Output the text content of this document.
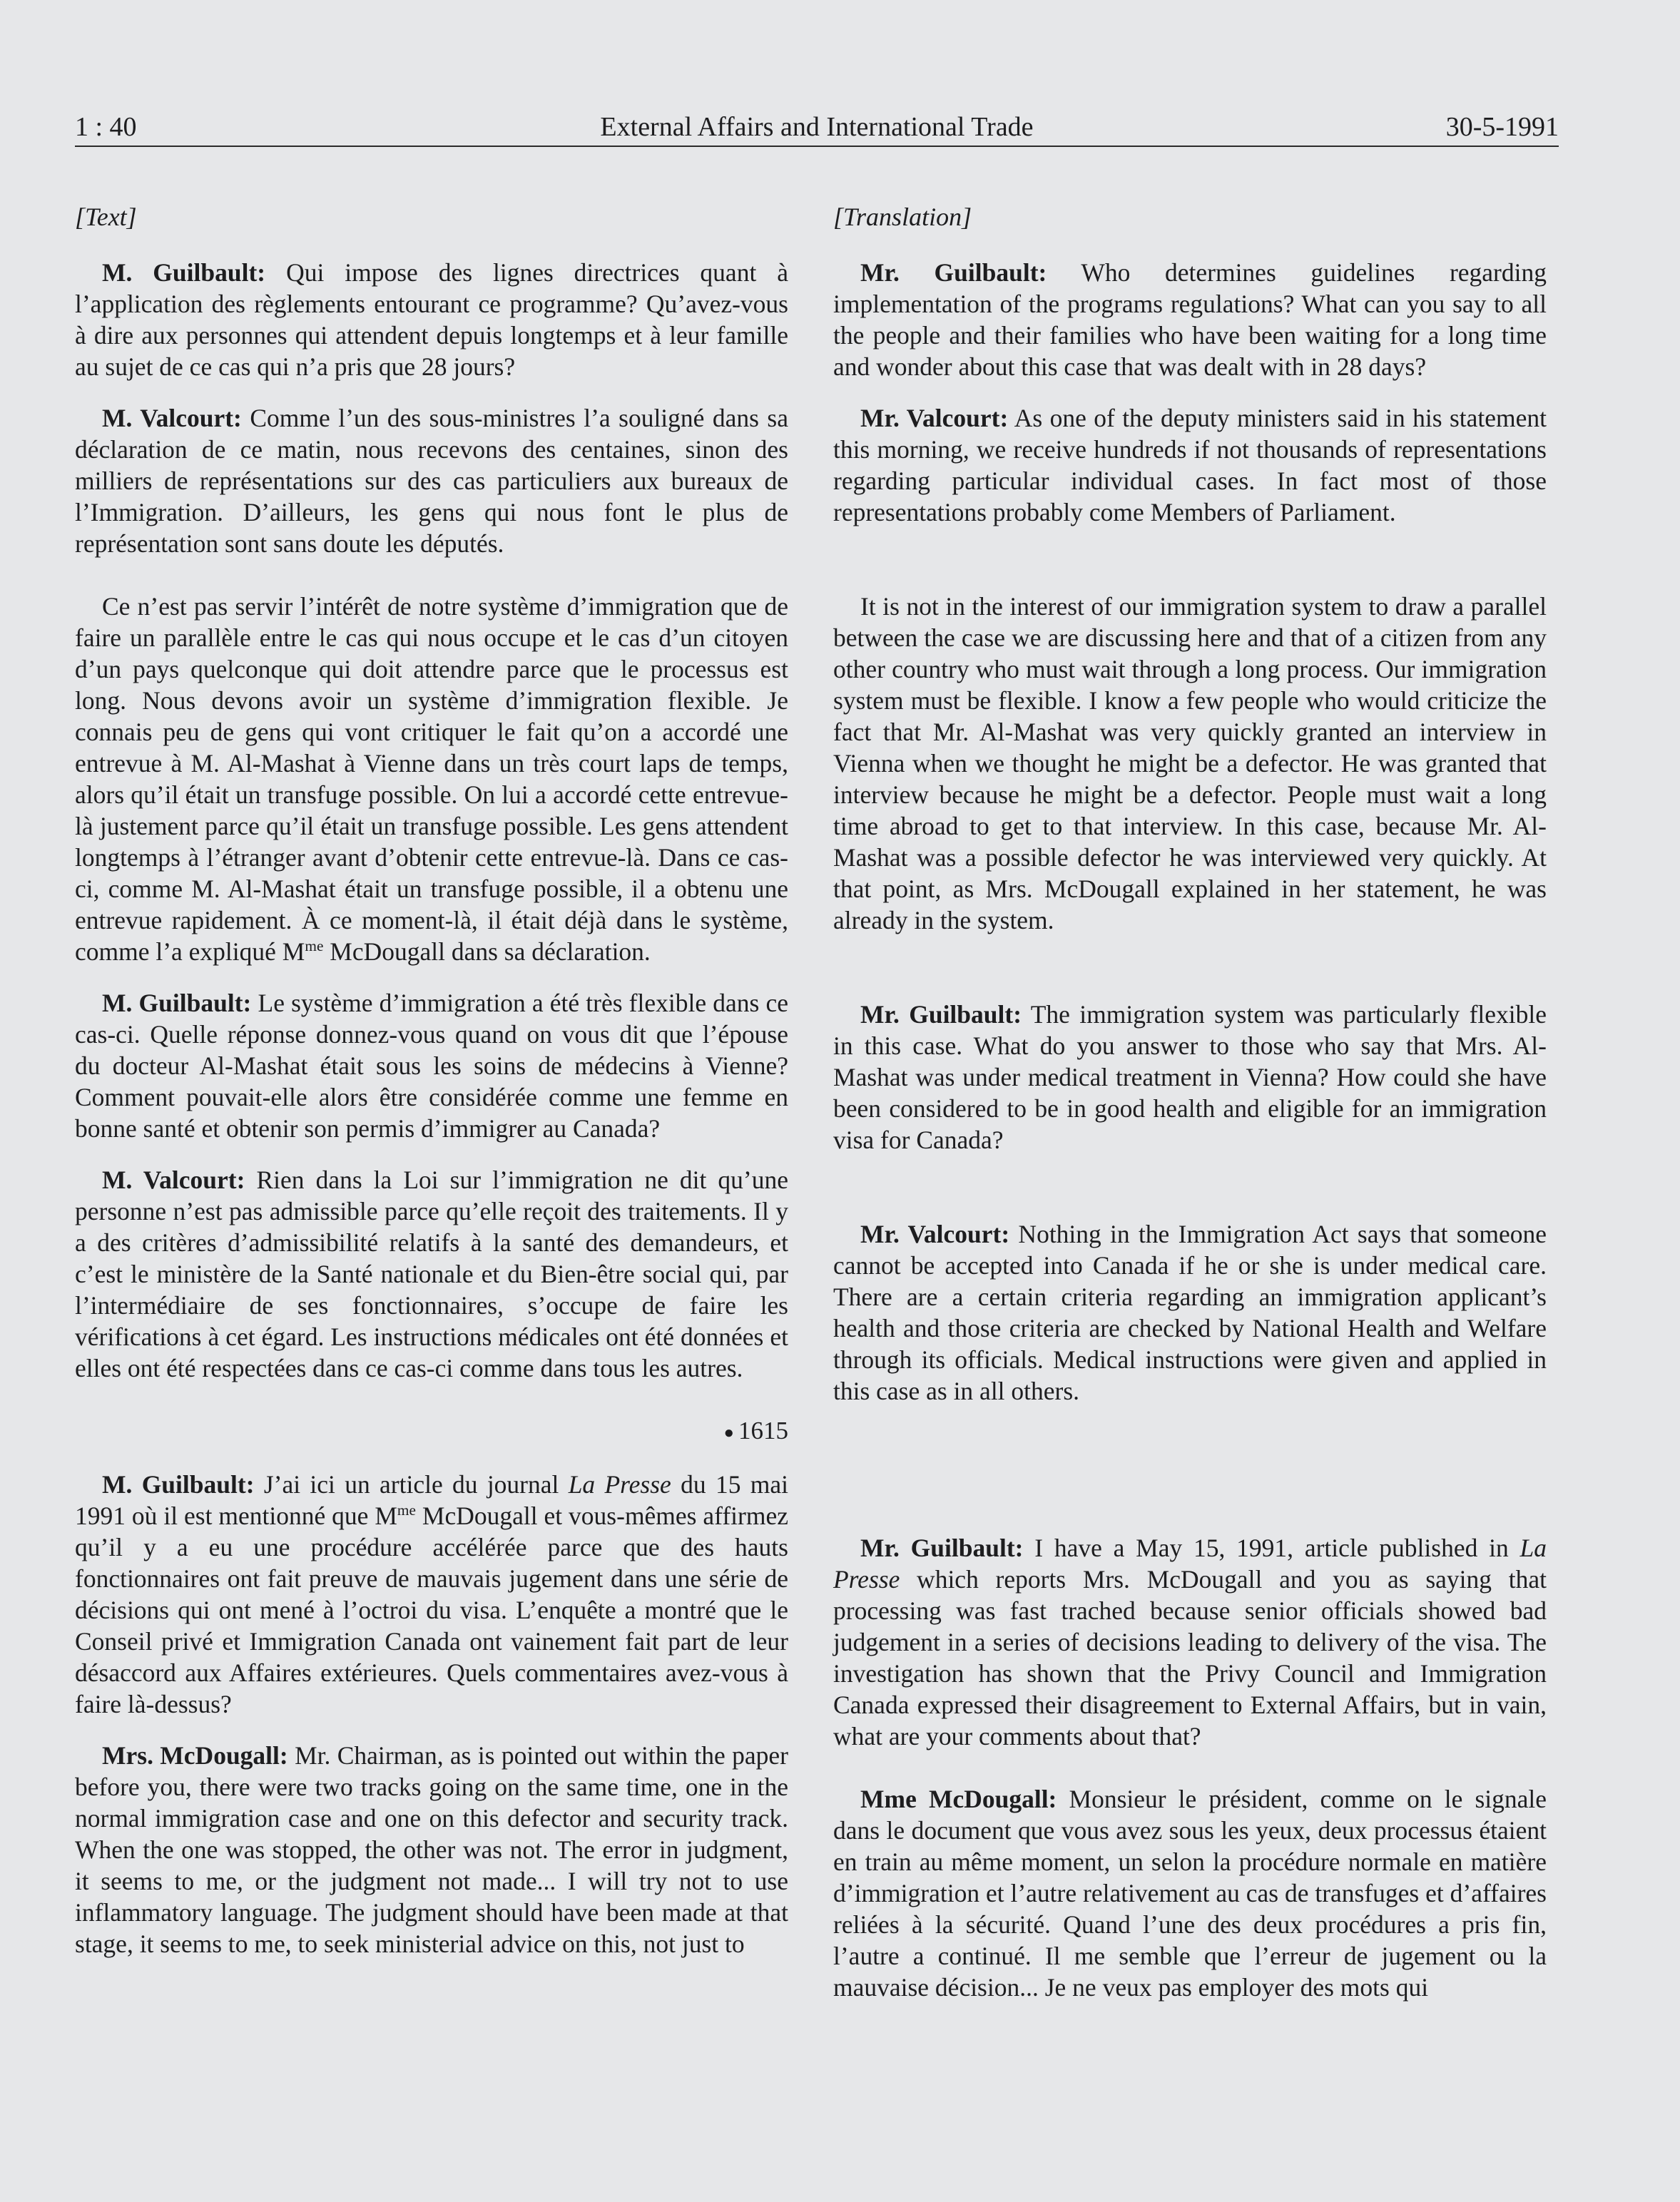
1 : 40	External Affairs and International Trade	30-5-1991
[Text]

M. Guilbault: Qui impose des lignes directrices quant à l’application des règlements entourant ce programme? Qu’avez-vous à dire aux personnes qui attendent depuis longtemps et à leur famille au sujet de ce cas qui n’a pris que 28 jours?

M. Valcourt: Comme l’un des sous-ministres l’a souligné dans sa déclaration de ce matin, nous recevons des centaines, sinon des milliers de représentations sur des cas particuliers aux bureaux de l’Immigration. D’ailleurs, les gens qui nous font le plus de représentation sont sans doute les députés.

Ce n’est pas servir l’intérêt de notre système d’immigration que de faire un parallèle entre le cas qui nous occupe et le cas d’un citoyen d’un pays quelconque qui doit attendre parce que le processus est long. Nous devons avoir un système d’immigration flexible. Je connais peu de gens qui vont critiquer le fait qu’on a accordé une entrevue à M. Al-Mashat à Vienne dans un très court laps de temps, alors qu’il était un transfuge possible. On lui a accordé cette entrevue-là justement parce qu’il était un transfuge possible. Les gens attendent longtemps à l’étranger avant d’obtenir cette entrevue-là. Dans ce cas-ci, comme M. Al-Mashat était un transfuge possible, il a obtenu une entrevue rapidement. À ce moment-là, il était déjà dans le système, comme l’a expliqué $M^{me}$ McDougall dans sa déclaration.

M. Guilbault: Le système d’immigration a été très flexible dans ce cas-ci. Quelle réponse donnez-vous quand on vous dit que l’épouse du docteur Al-Mashat était sous les soins de médecins à Vienne? Comment pouvait-elle alors être considérée comme une femme en bonne santé et obtenir son permis d’immigrer au Canada?

M. Valcourt: Rien dans la Loi sur l’immigration ne dit qu’une personne n’est pas admissible parce qu’elle reçoit des traitements. Il y a des critères d’admissibilité relatifs à la santé des demandeurs, et c’est le ministère de la Santé nationale et du Bien-être social qui, par l’intermédiaire de ses fonctionnaires, s’occupe de faire les vérifications à cet égard. Les instructions médicales ont été données et elles ont été respectées dans ce cas-ci comme dans tous les autres.

● 1615

M. Guilbault: J’ai ici un article du journal La Presse du 15 mai 1991 où il est mentionné que $M^{me}$ McDougall et vous-mêmes affirmez qu’il y a eu une procédure accélérée parce que des hauts fonctionnaires ont fait preuve de mauvais jugement dans une série de décisions qui ont mené à l’octroi du visa. L’enquête a montré que le Conseil privé et Immigration Canada ont vainement fait part de leur désaccord aux Affaires extérieures. Quels commentaires avez-vous à faire là-dessus?

Mrs. McDougall: Mr. Chairman, as is pointed out within the paper before you, there were two tracks going on the same time, one in the normal immigration case and one on this defector and security track. When the one was stopped, the other was not. The error in judgment, it seems to me, or the judgment not made... I will try not to use inflammatory language. The judgment should have been made at that stage, it seems to me, to seek ministerial advice on this, not just to

[Translation]

Mr. Guilbault: Who determines guidelines regarding implementation of the programs regulations? What can you say to all the people and their families who have been waiting for a long time and wonder about this case that was dealt with in 28 days?

Mr. Valcourt: As one of the deputy ministers said in his statement this morning, we receive hundreds if not thousands of representations regarding particular individual cases. In fact most of those representations probably come Members of Parliament.

It is not in the interest of our immigration system to draw a parallel between the case we are discussing here and that of a citizen from any other country who must wait through a long process. Our immigration system must be flexible. I know a few people who would criticize the fact that Mr. Al-Mashat was very quickly granted an interview in Vienna when we thought he might be a defector. He was granted that interview because he might be a defector. People must wait a long time abroad to get to that interview. In this case, because Mr. Al-Mashat was a possible defector he was interviewed very quickly. At that point, as Mrs. McDougall explained in her statement, he was already in the system.

Mr. Guilbault: The immigration system was particularly flexible in this case. What do you answer to those who say that Mrs. Al-Mashat was under medical treatment in Vienna? How could she have been considered to be in good health and eligible for an immigration visa for Canada?

Mr. Valcourt: Nothing in the Immigration Act says that someone cannot be accepted into Canada if he or she is under medical care. There are a certain criteria regarding an immigration applicant’s health and those criteria are checked by National Health and Welfare through its officials. Medical instructions were given and applied in this case as in all others.

Mr. Guilbault: I have a May 15, 1991, article published in La Presse which reports Mrs. McDougall and you as saying that processing was fast trached because senior officials showed bad judgement in a series of decisions leading to delivery of the visa. The investigation has shown that the Privy Council and Immigration Canada expressed their disagreement to External Affairs, but in vain, what are your comments about that?

Mme McDougall: Monsieur le président, comme on le signale dans le document que vous avez sous les yeux, deux processus étaient en train au même moment, un selon la procédure normale en matière d’immigration et l’autre relativement au cas de transfuges et d’affaires reliées à la sécurité. Quand l’une des deux procédures a pris fin, l’autre a continué. Il me semble que l’erreur de jugement ou la mauvaise décision... Je ne veux pas employer des mots qui
